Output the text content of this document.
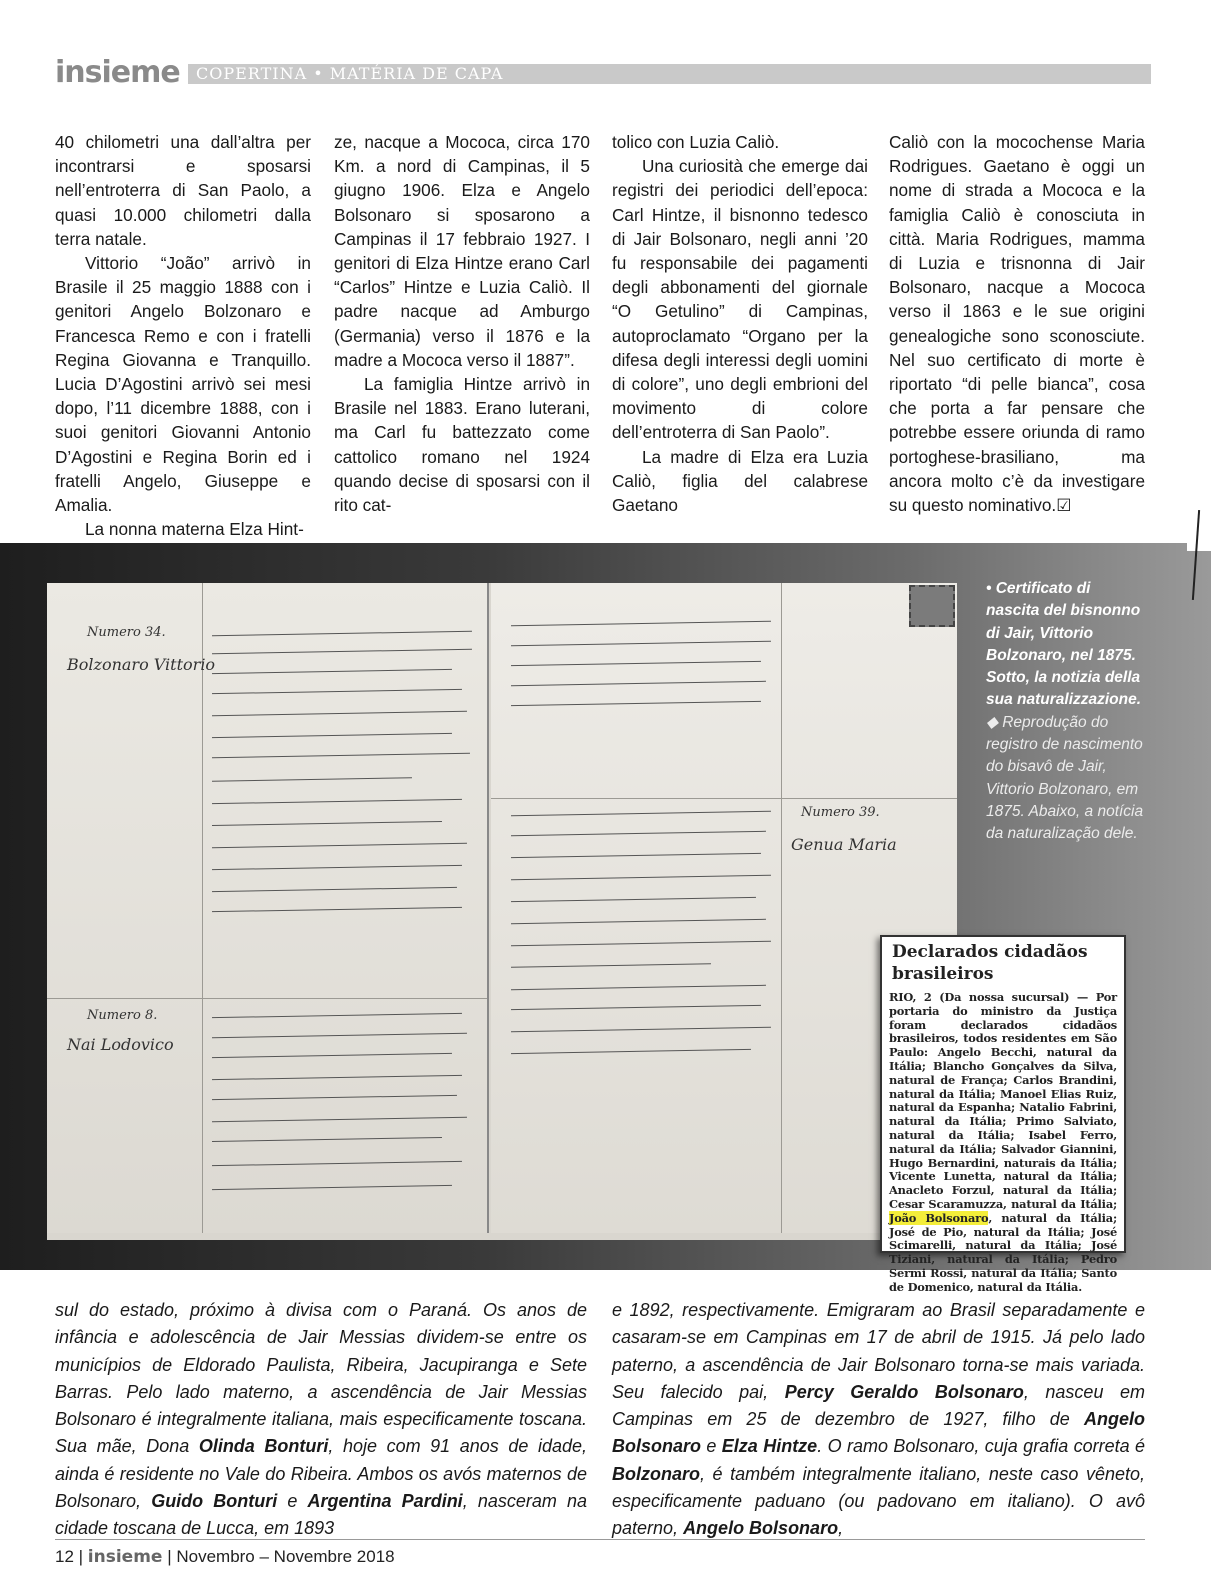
insieme COPERTINA • MATÉRIA DE CAPA

40 chilometri una dall’altra per incontrarsi e sposarsi nell’entroterra di San Paolo, a quasi 10.000 chilometri dalla terra natale.

Vittorio “João” arrivò in Brasile il 25 maggio 1888 con i genitori Angelo Bolzonaro e Francesca Remo e con i fratelli Regina Giovanna e Tranquillo. Lucia D’Agostini arrivò sei mesi dopo, l’11 dicembre 1888, con i suoi genitori Giovanni Antonio D’Agostini e Regina Borin ed i fratelli Angelo, Giuseppe e Amalia.

La nonna materna Elza Hint-

ze, nacque a Mococa, circa 170 Km. a nord di Campinas, il 5 giugno 1906. Elza e Angelo Bolsonaro si sposarono a Campinas il 17 febbraio 1927. I genitori di Elza Hintze erano Carl “Carlos” Hintze e Luzia Caliò. Il padre nacque ad Amburgo (Germania) verso il 1876 e la madre a Mococa verso il 1887”.

La famiglia Hintze arrivò in Brasile nel 1883. Erano luterani, ma Carl fu battezzato come cattolico romano nel 1924 quando decise di sposarsi con il rito cat-

tolico con Luzia Caliò.

Una curiosità che emerge dai registri dei periodici dell’epoca: Carl Hintze, il bisnonno tedesco di Jair Bolsonaro, negli anni ’20 fu responsabile dei pagamenti degli abbonamenti del giornale “O Getulino” di Campinas, autoproclamato “Organo per la difesa degli interessi degli uomini di colore”, uno degli embrioni del movimento di colore dell’entroterra di San Paolo”.

La madre di Elza era Luzia Caliò, figlia del calabrese Gaetano

Caliò con la mocochense Maria Rodrigues. Gaetano è oggi un nome di strada a Mococa e la famiglia Caliò è conosciuta in città. Maria Rodrigues, mamma di Luzia e trisnonna di Jair Bolsonaro, nacque a Mococa verso il 1863 e le sue origini genealogiche sono sconosciute. Nel suo certificato di morte è riportato “di pelle bianca”, cosa che porta a far pensare che potrebbe essere oriunda di ramo portoghese-brasiliano, ma ancora molto c’è da investigare su questo nominativo.☑

Numero 34.
Bolzonaro Vittorio
Numero 8.
Nai Lodovico
Numero 39.
Genua Maria
• Certificato di nascita del bisnonno di Jair, Vittorio Bolzonaro, nel 1875. Sotto, la notizia della sua naturalizzazione.
◆ Reprodução do registro de nascimento do bisavô de Jair, Vittorio Bolzonaro, em 1875. Abaixo, a notícia da naturalização dele.
Declarados cidadãos brasileiros
RIO, 2 (Da nossa sucursal) — Por portaria do ministro da Justiça foram declarados cidadãos brasileiros, todos residentes em São Paulo: Angelo Becchi, natural da Itália; Blancho Gonçalves da Silva, natural de França; Carlos Brandini, natural da Itália; Manoel Elias Ruiz, natural da Espanha; Natalio Fabrini, natural da Itália; Primo Salviato, natural da Itália; Isabel Ferro, natural da Itália; Salvador Giannini, Hugo Bernardini, naturais da Itália; Vicente Lunetta, natural da Itália; Anacleto Forzul, natural da Itália; Cesar Scaramuzza, natural da Itália; João Bolsonaro, natural da Itália; José de Pio, natural da Itália; José Scimarelli, natural da Itália; José Tiziani, natural da Itália; Pedro Sermi Rossi, natural da Itália; Santo de Domenico, natural da Itália.
sul do estado, próximo à divisa com o Paraná. Os anos de infância e adolescência de Jair Messias dividem-se entre os municípios de Eldorado Paulista, Ribeira, Jacupiranga e Sete Barras. Pelo lado materno, a ascendência de Jair Messias Bolsonaro é integralmente italiana, mais especificamente toscana. Sua mãe, Dona Olinda Bonturi, hoje com 91 anos de idade, ainda é residente no Vale do Ribeira. Ambos os avós maternos de Bolsonaro, Guido Bonturi e Argentina Pardini, nasceram na cidade toscana de Lucca, em 1893
e 1892, respectivamente. Emigraram ao Brasil separadamente e casaram-se em Campinas em 17 de abril de 1915. Já pelo lado paterno, a ascendência de Jair Bolsonaro torna-se mais variada. Seu falecido pai, Percy Geraldo Bolsonaro, nasceu em Campinas em 25 de dezembro de 1927, filho de Angelo Bolsonaro e Elza Hintze. O ramo Bolsonaro, cuja grafia correta é Bolzonaro, é também integralmente italiano, neste caso vêneto, especificamente paduano (ou padovano em italiano). O avô paterno, Angelo Bolsonaro,
12 | insieme | Novembro – Novembre 2018
